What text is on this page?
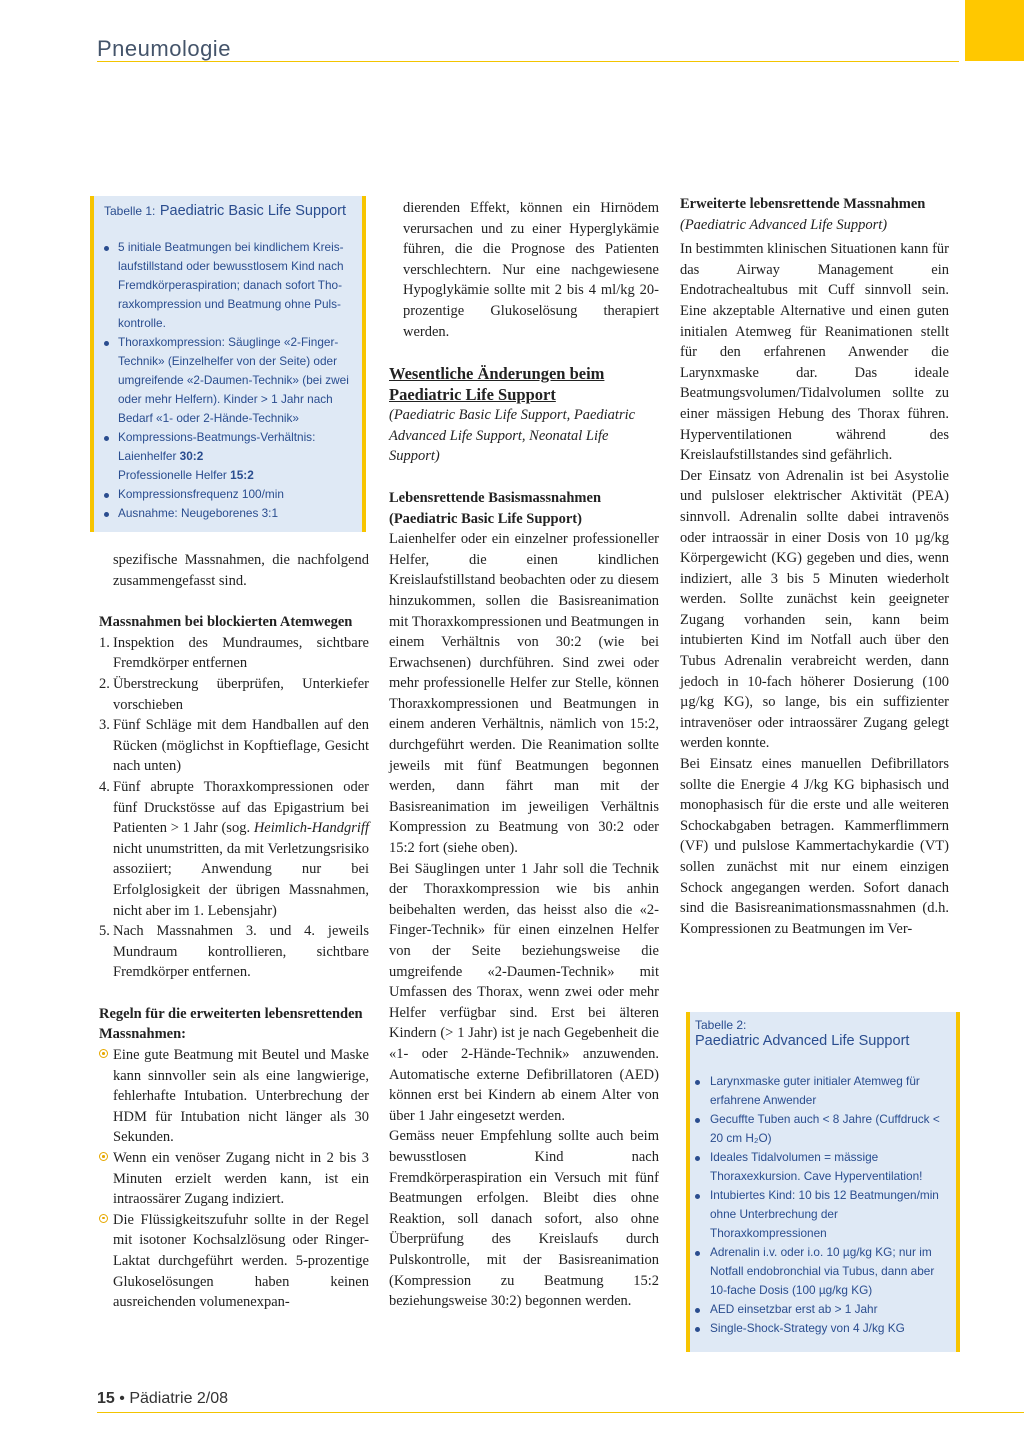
Pneumologie
Tabelle 1: Paediatric Basic Life Support
5 initiale Beatmungen bei kindlichem Kreis-laufstillstand oder bewusstlosem Kind nach Fremdkörperaspiration; danach sofort Tho-raxkompression und Beatmung ohne Puls-kontrolle.
Thoraxkompression: Säuglinge «2-Finger-Technik» (Einzelhelfer von der Seite) oder umgreifende «2-Daumen-Technik» (bei zwei oder mehr Helfern). Kinder > 1 Jahr nach Bedarf «1- oder 2-Hände-Technik»
Kompressions-Beatmungs-Verhältnis:
Laienhelfer 30:2
Professionelle Helfer 15:2
Kompressionsfrequenz 100/min
Ausnahme: Neugeborenes 3:1

spezifische Massnahmen, die nachfolgend zusammengefasst sind.

Massnahmen bei blockierten Atemwegen

1. Inspektion des Mundraumes, sichtbare Fremdkörper entfernen
2. Überstreckung überprüfen, Unterkiefer vorschieben
3. Fünf Schläge mit dem Handballen auf den Rücken (möglichst in Kopftieflage, Gesicht nach unten)
4. Fünf abrupte Thoraxkompressionen oder fünf Druckstösse auf das Epigastrium bei Patienten > 1 Jahr (sog. Heimlich-Handgriff nicht unumstritten, da mit Verletzungsrisiko assoziiert; Anwendung nur bei Erfolglosigkeit der übrigen Massnahmen, nicht aber im 1. Lebensjahr)
5. Nach Massnahmen 3. und 4. jeweils Mundraum kontrollieren, sichtbare Fremdkörper entfernen.

Regeln für die erweiterten lebensrettenden Massnahmen:

Eine gute Beatmung mit Beutel und Maske kann sinnvoller sein als eine langwierige, fehlerhafte Intubation. Unterbrechung der HDM für Intubation nicht länger als 30 Sekunden.
Wenn ein venöser Zugang nicht in 2 bis 3 Minuten erzielt werden kann, ist ein intraossärer Zugang indiziert.
Die Flüssigkeitszufuhr sollte in der Regel mit isotoner Kochsalzlösung oder Ringer-Laktat durchgeführt werden. 5-prozentige Glukoselösungen haben keinen ausreichenden volumenexpan-

dierenden Effekt, können ein Hirnödem verursachen und zu einer Hyperglykämie führen, die die Prognose des Patienten verschlechtern. Nur eine nachgewiesene Hypoglykämie sollte mit 2 bis 4 ml/kg 20-prozentige Glukoselösung therapiert werden.

Wesentliche Änderungen beim Paediatric Life Support

(Paediatric Basic Life Support, Paediatric Advanced Life Support, Neonatal Life Support)

Lebensrettende Basismassnahmen (Paediatric Basic Life Support)

Laienhelfer oder ein einzelner professioneller Helfer, die einen kindlichen Kreislaufstillstand beobachten oder zu diesem hinzukommen, sollen die Basisreanimation mit Thoraxkompressionen und Beatmungen in einem Verhältnis von 30:2 (wie bei Erwachsenen) durchführen. Sind zwei oder mehr professionelle Helfer zur Stelle, können Thoraxkompressionen und Beatmungen in einem anderen Verhältnis, nämlich von 15:2, durchgeführt werden. Die Reanimation sollte jeweils mit fünf Beatmungen begonnen werden, dann fährt man mit der Basisreanimation im jeweiligen Verhältnis Kompression zu Beatmung von 30:2 oder 15:2 fort (siehe oben).

Bei Säuglingen unter 1 Jahr soll die Technik der Thoraxkompression wie bis anhin beibehalten werden, das heisst also die «2-Finger-Technik» für einen einzelnen Helfer von der Seite beziehungsweise die umgreifende «2-Daumen-Technik» mit Umfassen des Thorax, wenn zwei oder mehr Helfer verfügbar sind. Erst bei älteren Kindern (> 1 Jahr) ist je nach Gegebenheit die «1- oder 2-Hände-Technik» anzuwenden. Automatische externe Defibrillatoren (AED) können erst bei Kindern ab einem Alter von über 1 Jahr eingesetzt werden.

Gemäss neuer Empfehlung sollte auch beim bewusstlosen Kind nach Fremdkörperaspiration ein Versuch mit fünf Beatmungen erfolgen. Bleibt dies ohne Reaktion, soll danach sofort, also ohne Überprüfung des Kreislaufs durch Pulskontrolle, mit der Basisreanimation (Kompression zu Beatmung 15:2 beziehungsweise 30:2) begonnen werden.

Erweiterte lebensrettende Massnahmen

(Paediatric Advanced Life Support)

In bestimmten klinischen Situationen kann für das Airway Management ein Endotrachealtubus mit Cuff sinnvoll sein. Eine akzeptable Alternative und einen guten initialen Atemweg für Reanimationen stellt für den erfahrenen Anwender die Larynxmaske dar. Das ideale Beatmungsvolumen/Tidalvolumen sollte zu einer mässigen Hebung des Thorax führen. Hyperventilationen während des Kreislaufstillstandes sind gefährlich.

Der Einsatz von Adrenalin ist bei Asystolie und pulsloser elektrischer Aktivität (PEA) sinnvoll. Adrenalin sollte dabei intravenös oder intraossär in einer Dosis von 10 µg/kg Körpergewicht (KG) gegeben und dies, wenn indiziert, alle 3 bis 5 Minuten wiederholt werden. Sollte zunächst kein geeigneter Zugang vorhanden sein, kann beim intubierten Kind im Notfall auch über den Tubus Adrenalin verabreicht werden, dann jedoch in 10-fach höherer Dosierung (100 µg/kg KG), so lange, bis ein suffizienter intravenöser oder intraossärer Zugang gelegt werden konnte.

Bei Einsatz eines manuellen Defibrillators sollte die Energie 4 J/kg KG biphasisch und monophasisch für die erste und alle weiteren Schockabgaben betragen. Kammerflimmern (VF) und pulslose Kammertachykardie (VT) sollen zunächst mit nur einem einzigen Schock angegangen werden. Sofort danach sind die Basisreanimationsmassnahmen (d.h. Kompressionen zu Beatmungen im Ver-

Tabelle 2:
Paediatric Advanced Life Support
Larynxmaske guter initialer Atemweg für erfahrene Anwender
Gecuffte Tuben auch < 8 Jahre (Cuffdruck < 20 cm H₂O)
Ideales Tidalvolumen = mässige Thoraxexkursion. Cave Hyperventilation!
Intubiertes Kind: 10 bis 12 Beatmungen/min ohne Unterbrechung der Thoraxkompressionen
Adrenalin i.v. oder i.o. 10 µg/kg KG; nur im Notfall endobronchial via Tubus, dann aber 10-fache Dosis (100 µg/kg KG)
AED einsetzbar erst ab > 1 Jahr
Single-Shock-Strategy von 4 J/kg KG
15 • Pädiatrie 2/08
